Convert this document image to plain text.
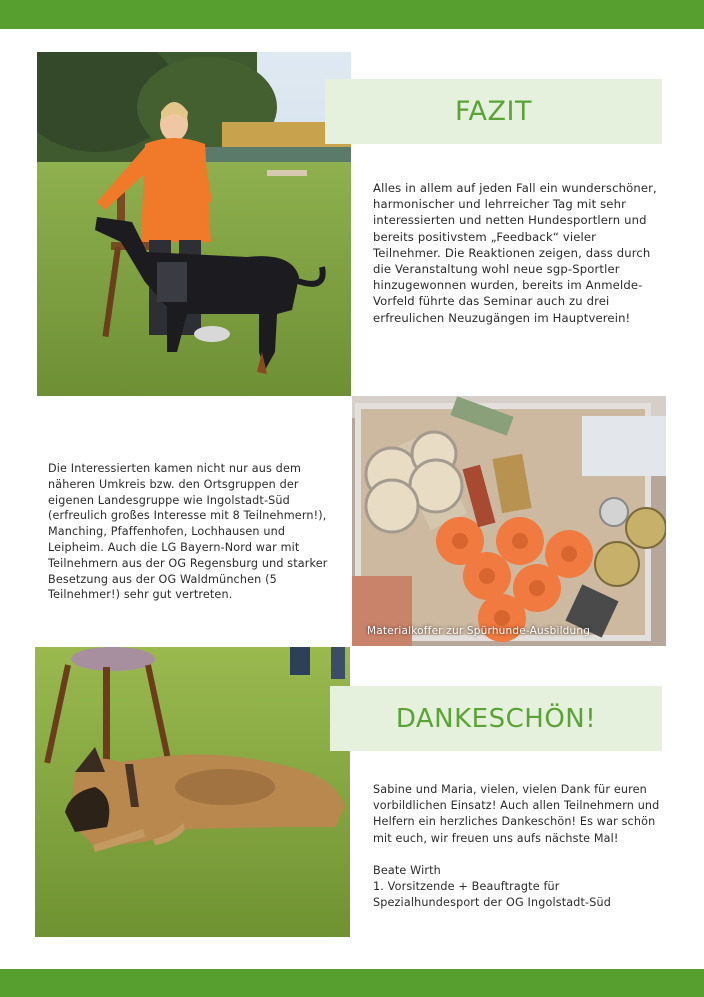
FAZIT

Alles in allem auf jeden Fall ein wunderschöner, harmonischer und lehrreicher Tag mit sehr interessierten und netten Hundesportlern und bereits positivstem „Feedback“ vieler Teilnehmer. Die Reaktionen zeigen, dass durch die Veranstaltung wohl neue sgp-Sportler hinzugewonnen wurden, bereits im Anmelde-Vorfeld führte das Seminar auch zu drei erfreulichen Neuzugängen im Hauptverein!

Materialkoffer zur Spürhunde-Ausbildung

Die Interessierten kamen nicht nur aus dem näheren Umkreis bzw. den Ortsgruppen der eigenen Landesgruppe wie Ingolstadt-Süd (erfreulich großes Interesse mit 8 Teilnehmern!), Manching, Pfaffenhofen, Lochhausen und Leipheim. Auch die LG Bayern-Nord war mit Teilnehmern aus der OG Regensburg und starker Besetzung aus der OG Waldmünchen (5 Teilnehmer!) sehr gut vertreten.

DANKESCHÖN!

Sabine und Maria, vielen, vielen Dank für euren vorbildlichen Einsatz! Auch allen Teilnehmern und Helfern ein herzliches Dankeschön! Es war schön mit euch, wir freuen uns aufs nächste Mal!

Beate Wirth

1. Vorsitzende + Beauftragte für Spezialhundesport der OG Ingolstadt-Süd
